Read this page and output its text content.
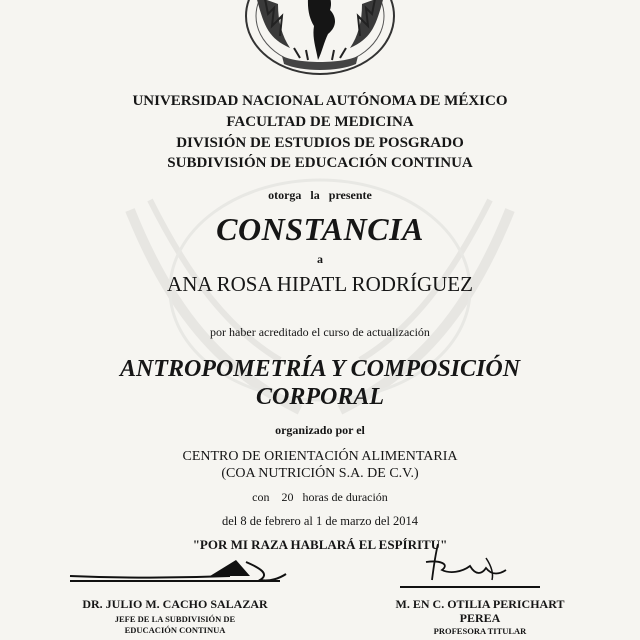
UNIVERSIDAD NACIONAL AUTÓNOMA DE MÉXICO
FACULTAD DE MEDICINA
DIVISIÓN DE ESTUDIOS DE POSGRADO
SUBDIVISIÓN DE EDUCACIÓN CONTINUA
otorga   la   presente
CONSTANCIA
a
ANA ROSA HIPATL RODRÍGUEZ
por haber acreditado el curso de actualización
ANTROPOMETRÍA Y COMPOSICIÓN
CORPORAL
organizado por el
CENTRO DE ORIENTACIÓN ALIMENTARIA
(COA NUTRICIÓN S.A. DE C.V.)
con 20 horas de duración
del 8 de febrero al 1 de marzo del 2014
"POR MI RAZA HABLARÁ EL ESPÍRITU"
DR. JULIO M. CACHO SALAZAR
JEFE DE LA SUBDIVISIÓN DE
EDUCACIÓN CONTINUA
M. EN C. OTILIA PERICHART
PEREA
PROFESORA TITULAR
